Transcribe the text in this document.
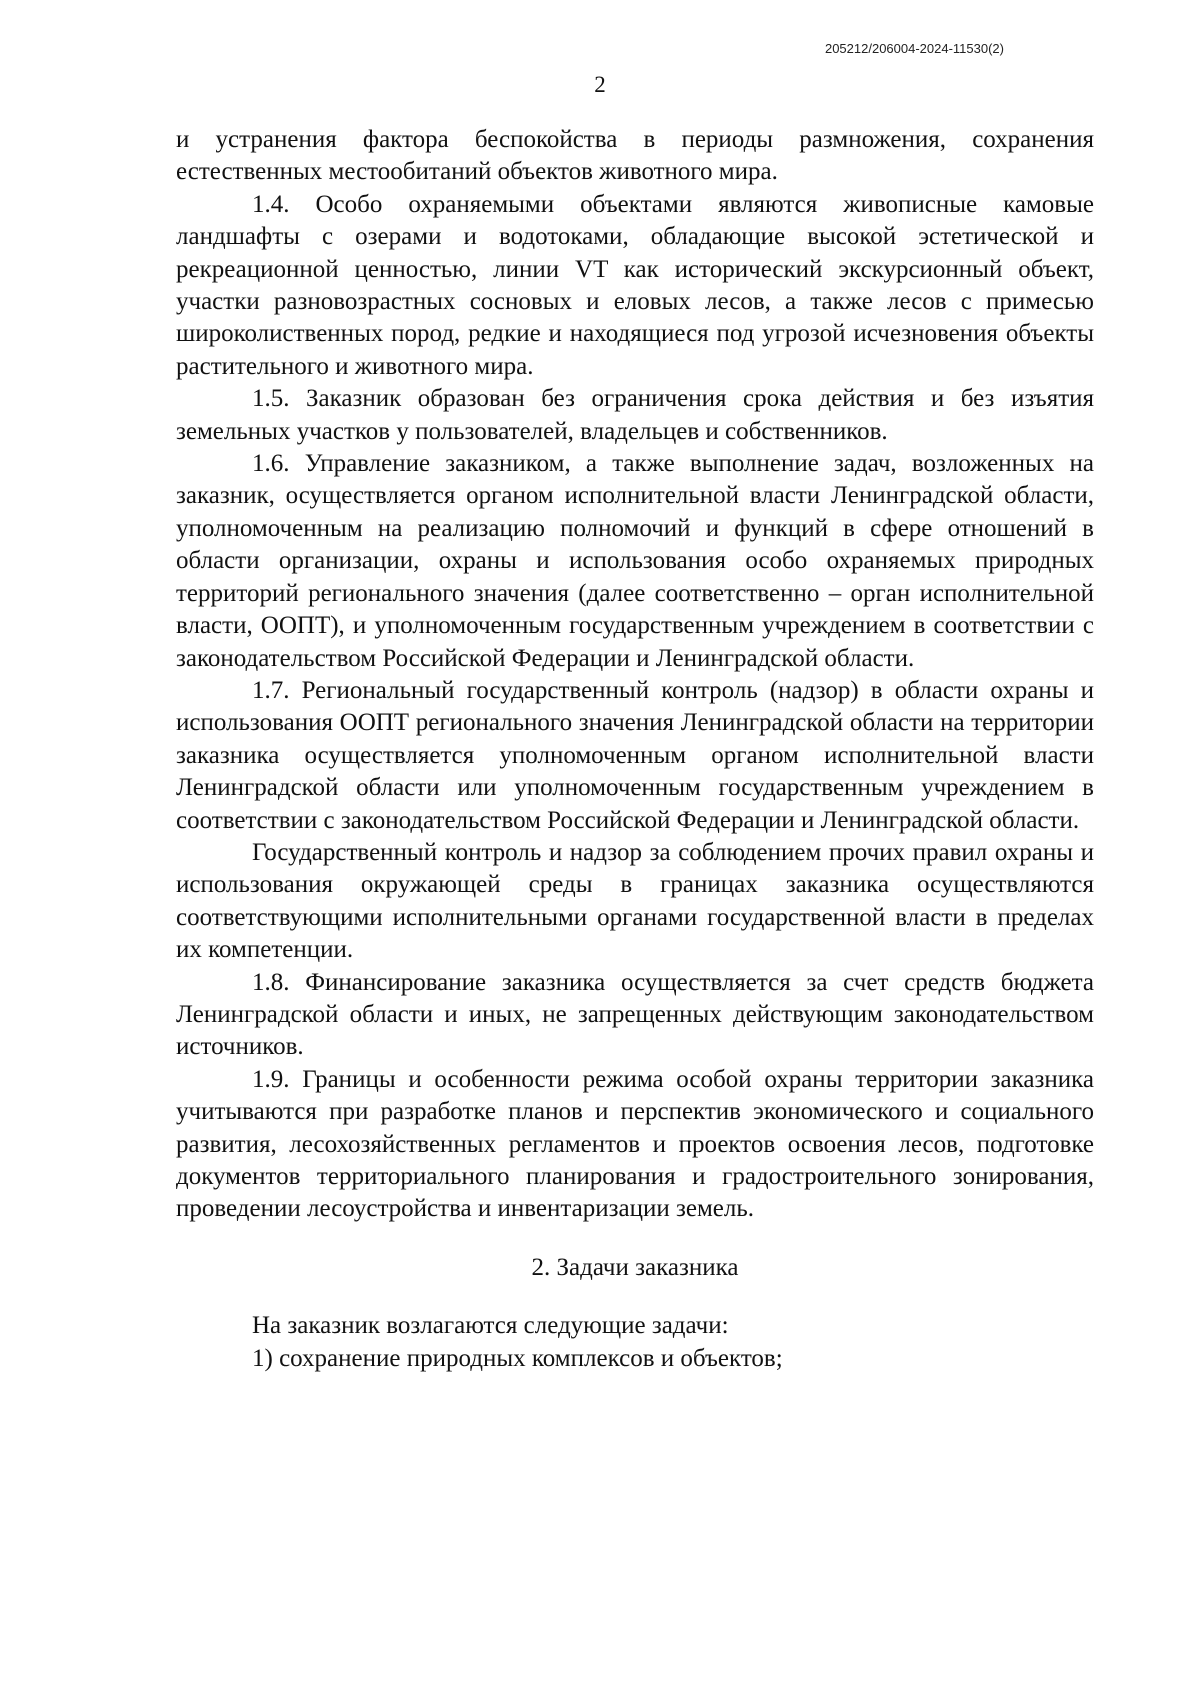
205212/206004-2024-11530(2)
2

и устранения фактора беспокойства в периоды размножения, сохранения естественных местообитаний объектов животного мира.

1.4. Особо охраняемыми объектами являются живописные камовые ландшафты с озерами и водотоками, обладающие высокой эстетической и рекреационной ценностью, линии VT как исторический экскурсионный объект, участки разновозрастных сосновых и еловых лесов, а также лесов с примесью широколиственных пород, редкие и находящиеся под угрозой исчезновения объекты растительного и животного мира.

1.5. Заказник образован без ограничения срока действия и без изъятия земельных участков у пользователей, владельцев и собственников.

1.6. Управление заказником, а также выполнение задач, возложенных на заказник, осуществляется органом исполнительной власти Ленинградской области, уполномоченным на реализацию полномочий и функций в сфере отношений в области организации, охраны и использования особо охраняемых природных территорий регионального значения (далее соответственно – орган исполнительной власти, ООПТ), и уполномоченным государственным учреждением в соответствии с законодательством Российской Федерации и Ленинградской области.

1.7. Региональный государственный контроль (надзор) в области охраны и использования ООПТ регионального значения Ленинградской области на территории заказника осуществляется уполномоченным органом исполнительной власти Ленинградской области или уполномоченным государственным учреждением в соответствии с законодательством Российской Федерации и Ленинградской области.

Государственный контроль и надзор за соблюдением прочих правил охраны и использования окружающей среды в границах заказника осуществляются соответствующими исполнительными органами государственной власти в пределах их компетенции.

1.8. Финансирование заказника осуществляется за счет средств бюджета Ленинградской области и иных, не запрещенных действующим законодательством источников.

1.9. Границы и особенности режима особой охраны территории заказника учитываются при разработке планов и перспектив экономического и социального развития, лесохозяйственных регламентов и проектов освоения лесов, подготовке документов территориального планирования и градостроительного зонирования, проведении лесоустройства и инвентаризации земель.

2. Задачи заказника

На заказник возлагаются следующие задачи:

1) сохранение природных комплексов и объектов;
